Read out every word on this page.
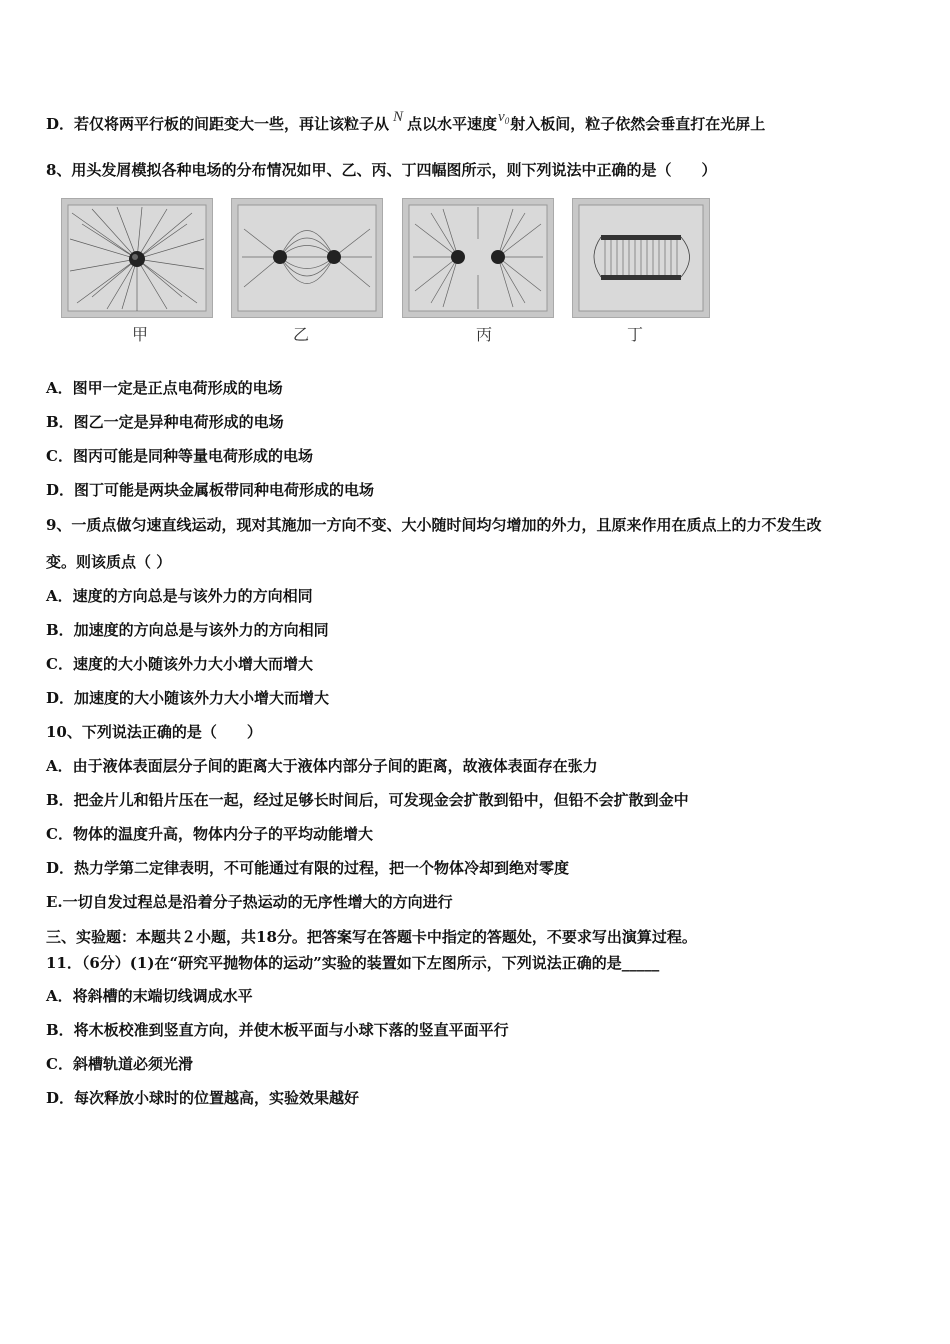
D．若仅将两平行板的间距变大一些，再让该粒子从 N 点以水平速度$v_0$射入板间，粒子依然会垂直打在光屏上
8、用头发屑模拟各种电场的分布情况如甲、乙、丙、丁四幅图所示，则下列说法中正确的是（　　）
甲	乙	丙	丁
A．图甲一定是正点电荷形成的电场
B．图乙一定是异种电荷形成的电场
C．图丙可能是同种等量电荷形成的电场
D．图丁可能是两块金属板带同种电荷形成的电场
9、一质点做匀速直线运动，现对其施加一方向不变、大小随时间均匀增加的外力，且原来作用在质点上的力不发生改
变。则该质点（ ）
A．速度的方向总是与该外力的方向相同
B．加速度的方向总是与该外力的方向相同
C．速度的大小随该外力大小增大而增大
D．加速度的大小随该外力大小增大而增大
10、下列说法正确的是（　　）
A．由于液体表面层分子间的距离大于液体内部分子间的距离，故液体表面存在张力
B．把金片儿和铅片压在一起，经过足够长时间后，可发现金会扩散到铅中，但铅不会扩散到金中
C．物体的温度升高，物体内分子的平均动能增大
D．热力学第二定律表明，不可能通过有限的过程，把一个物体冷却到绝对零度
E.一切自发过程总是沿着分子热运动的无序性增大的方向进行
三、实验题：本题共２小题，共18分。把答案写在答题卡中指定的答题处，不要求写出演算过程。
11．（6分）(1)在“研究平抛物体的运动”实验的装置如下左图所示，下列说法正确的是_____
A．将斜槽的末端切线调成水平
B．将木板校准到竖直方向，并使木板平面与小球下落的竖直平面平行
C．斜槽轨道必须光滑
D．每次释放小球时的位置越高，实验效果越好
